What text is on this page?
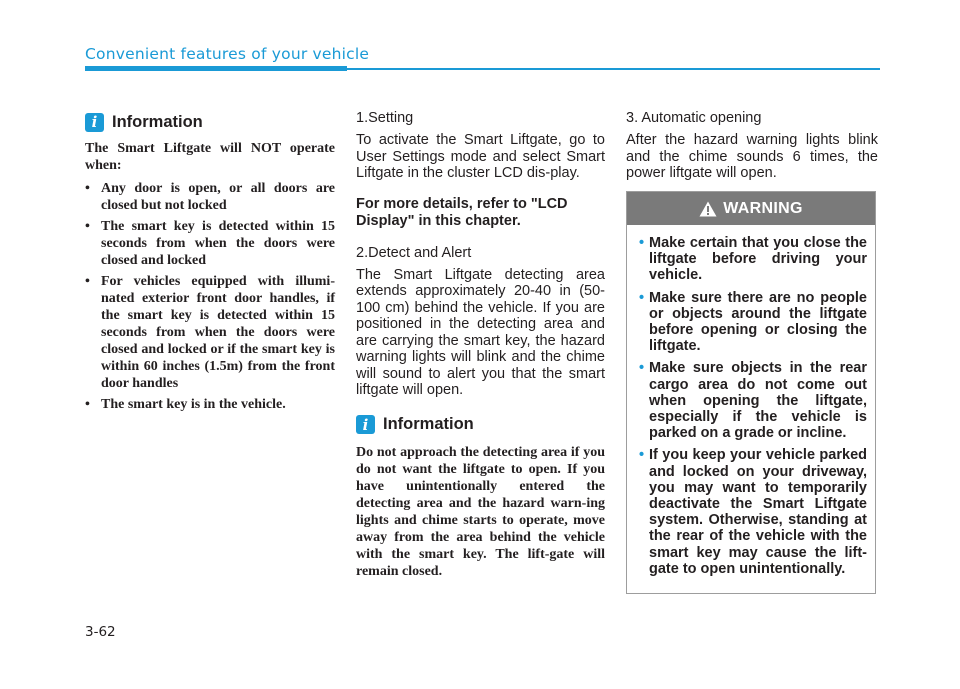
Convenient features of your vehicle
i Information
The Smart Liftgate will NOT operate when:
• Any door is open, or all doors are closed but not locked
• The smart key is detected within 15 seconds from when the doors were closed and locked
• For vehicles equipped with illumi-nated exterior front door handles, if the smart key is detected within 15 seconds from when the doors were closed and locked or if the smart key is within 60 inches (1.5m) from the front door handles
• The smart key is in the vehicle.
1.Setting
To activate the Smart Liftgate, go to User Settings mode and select Smart Liftgate in the cluster LCD dis-play.
For more details, refer to "LCD Display" in this chapter.
2.Detect and Alert
The Smart Liftgate detecting area extends approximately 20-40 in (50-100 cm) behind the vehicle. If you are positioned in the detecting area and are carrying the smart key, the hazard warning lights will blink and the chime will sound to alert you that the smart liftgate will open.
i Information
Do not approach the detecting area if you do not want the liftgate to open. If you have unintentionally entered the detecting area and the hazard warn-ing lights and chime starts to operate, move away from the area behind the vehicle with the smart key. The lift-gate will remain closed.
3. Automatic opening
After the hazard warning lights blink and the chime sounds 6 times, the power liftgate will open.
WARNING
• Make certain that you close the liftgate before driving your vehicle.
• Make sure there are no people or objects around the liftgate before opening or closing the liftgate.
• Make sure objects in the rear cargo area do not come out when opening the liftgate, especially if the vehicle is parked on a grade or incline.
• If you keep your vehicle parked and locked on your driveway, you may want to temporarily deactivate the Smart Liftgate system. Otherwise, standing at the rear of the vehicle with the smart key may cause the lift-gate to open unintentionally.
3-62
